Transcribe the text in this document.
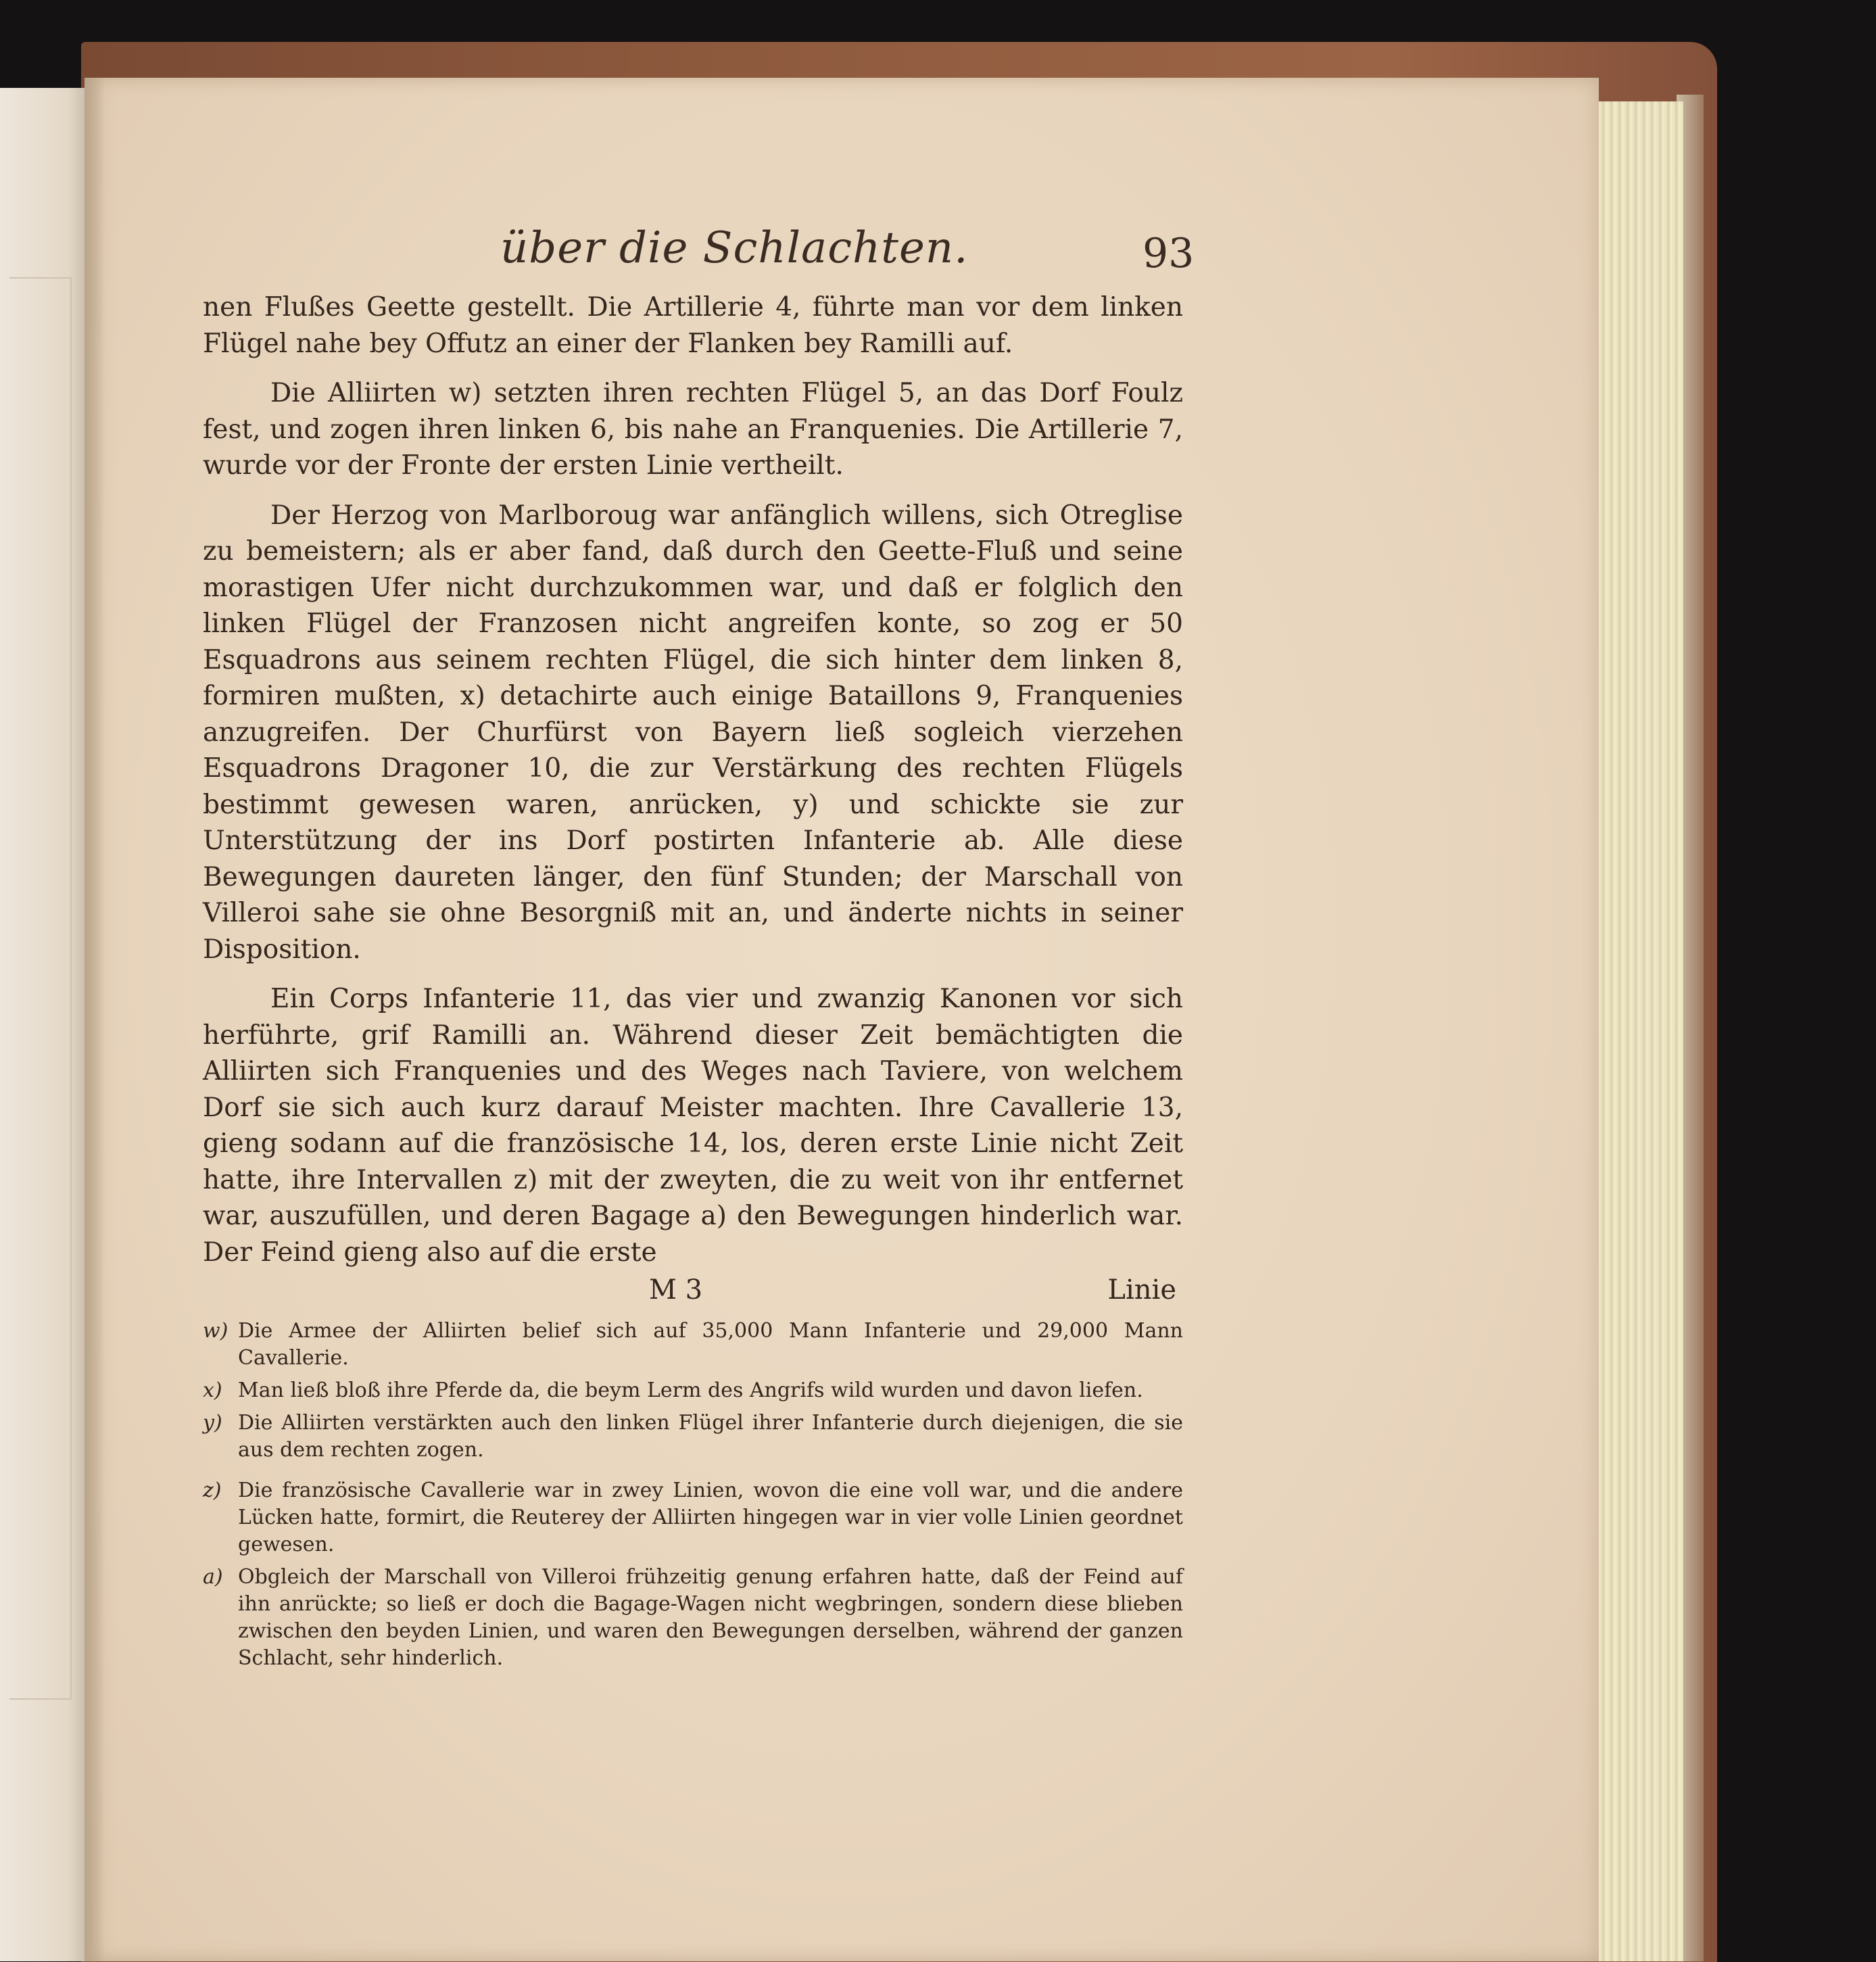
über die Schlachten.	93

nen Flußes Geette gestellt. Die Artillerie 4, führte man vor dem linken Flügel nahe bey Offutz an einer der Flanken bey Ramilli auf.

Die Alliirten w) setzten ihren rechten Flügel 5, an das Dorf Foulz fest, und zogen ihren linken 6, bis nahe an Franquenies. Die Artillerie 7, wurde vor der Fronte der ersten Linie vertheilt.

Der Herzog von Marlboroug war anfänglich willens, sich Otreglise zu bemeistern; als er aber fand, daß durch den Geette-Fluß und seine morastigen Ufer nicht durchzukommen war, und daß er folglich den linken Flügel der Franzosen nicht angreifen konte, so zog er 50 Esquadrons aus seinem rechten Flügel, die sich hinter dem linken 8, formiren mußten, x) detachirte auch einige Bataillons 9, Franquenies anzugreifen. Der Churfürst von Bayern ließ sogleich vierzehen Esquadrons Dragoner 10, die zur Verstärkung des rechten Flügels bestimmt gewesen waren, anrücken, y) und schickte sie zur Unterstützung der ins Dorf postirten Infanterie ab. Alle diese Bewegungen daureten länger, den fünf Stunden; der Marschall von Villeroi sahe sie ohne Besorgniß mit an, und änderte nichts in seiner Disposition.

Ein Corps Infanterie 11, das vier und zwanzig Kanonen vor sich herführte, grif Ramilli an. Während dieser Zeit bemächtigten die Alliirten sich Franquenies und des Weges nach Taviere, von welchem Dorf sie sich auch kurz darauf Meister machten. Ihre Cavallerie 13, gieng sodann auf die französische 14, los, deren erste Linie nicht Zeit hatte, ihre Intervallen z) mit der zweyten, die zu weit von ihr entfernet war, auszufüllen, und deren Bagage a) den Bewegungen hinderlich war. Der Feind gieng also auf die erste

M 3	Linie
w) Die Armee der Alliirten belief sich auf 35,000 Mann Infanterie und 29,000 Mann Cavallerie.
x) Man ließ bloß ihre Pferde da, die beym Lerm des Angrifs wild wurden und davon liefen.
y) Die Alliirten verstärkten auch den linken Flügel ihrer Infanterie durch diejenigen, die sie aus dem rechten zogen.
z) Die französische Cavallerie war in zwey Linien, wovon die eine voll war, und die andere Lücken hatte, formirt, die Reuterey der Alliirten hingegen war in vier volle Linien geordnet gewesen.
a) Obgleich der Marschall von Villeroi frühzeitig genung erfahren hatte, daß der Feind auf ihn anrückte; so ließ er doch die Bagage-Wagen nicht wegbringen, sondern diese blieben zwischen den beyden Linien, und waren den Bewegungen derselben, während der ganzen Schlacht, sehr hinderlich.
